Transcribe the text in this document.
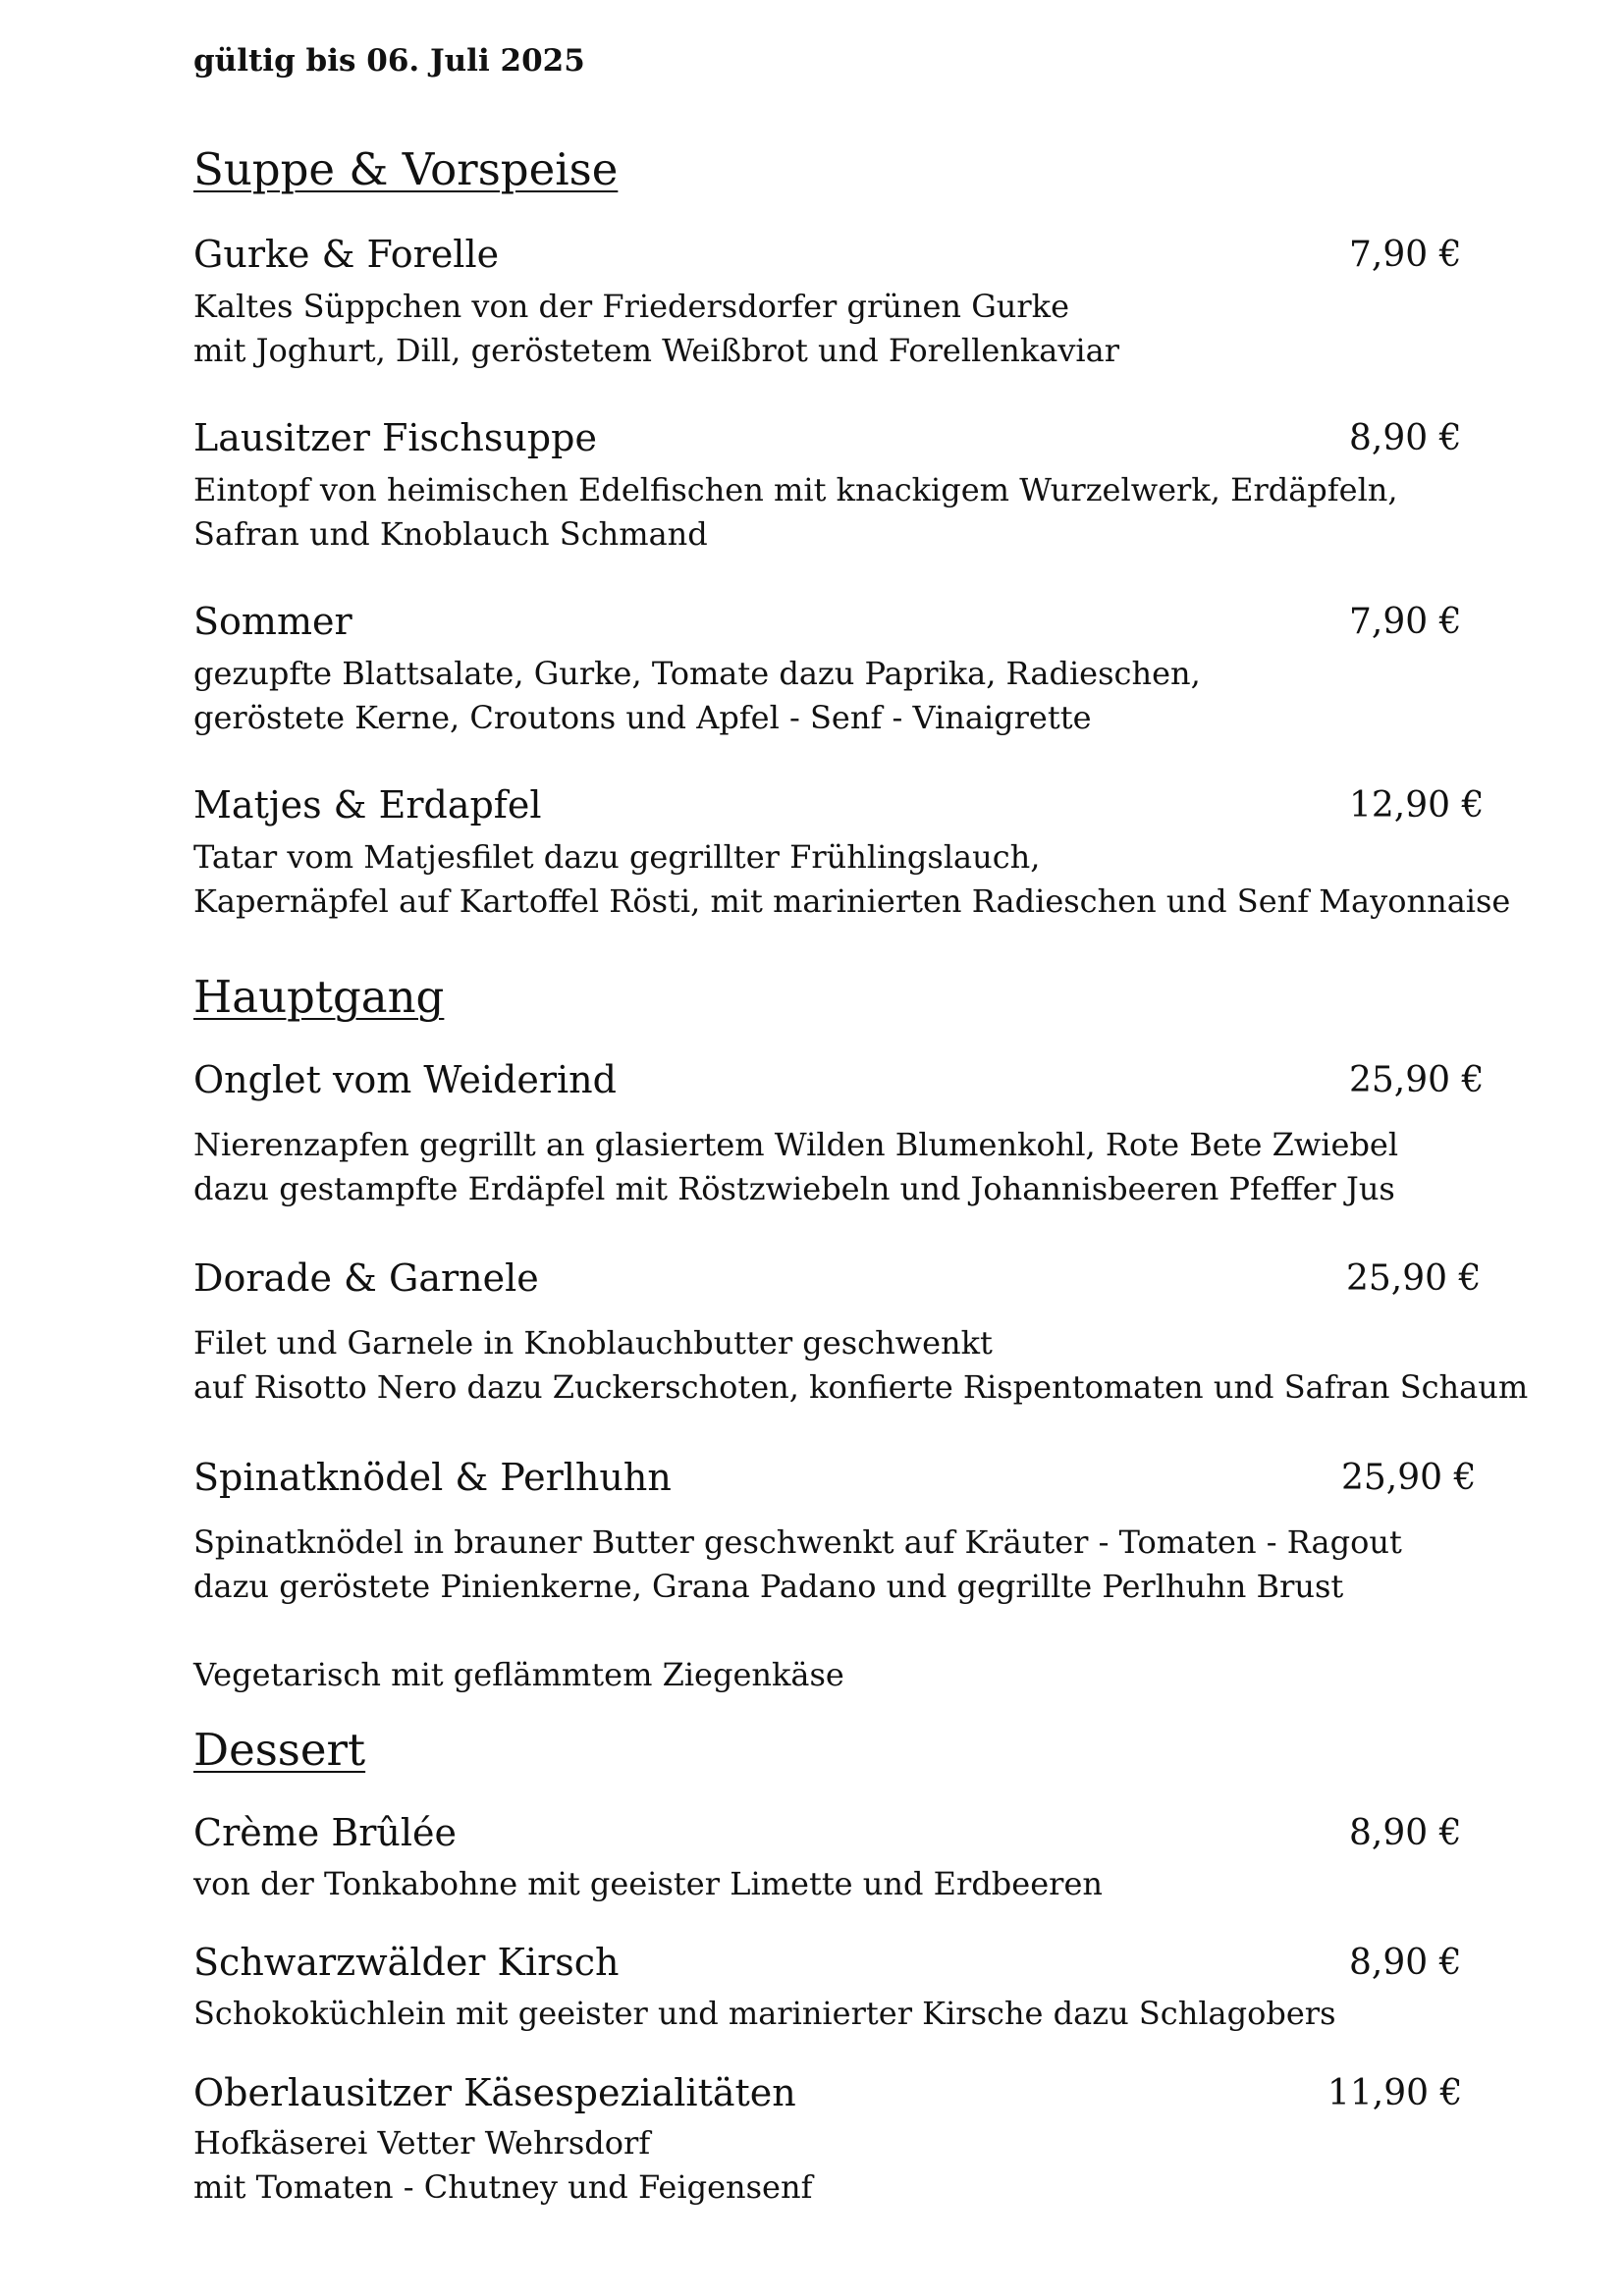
gültig bis 06. Juli 2025
Suppe & Vorspeise
Gurke & Forelle	7,90 €
Kaltes Süppchen von der Friedersdorfer grünen Gurke
mit Joghurt, Dill, geröstetem Weißbrot und Forellenkaviar
Lausitzer Fischsuppe	8,90 €
Eintopf von heimischen Edelfischen mit knackigem Wurzelwerk, Erdäpfeln,
Safran und Knoblauch Schmand
Sommer	7,90 €
gezupfte Blattsalate, Gurke, Tomate dazu Paprika, Radieschen,
geröstete Kerne, Croutons und Apfel - Senf - Vinaigrette
Matjes & Erdapfel	12,90 €
Tatar vom Matjesfilet dazu gegrillter Frühlingslauch,
Kapernäpfel auf Kartoffel Rösti, mit marinierten Radieschen und Senf Mayonnaise
Hauptgang
Onglet vom Weiderind	25,90 €
Nierenzapfen gegrillt an glasiertem Wilden Blumenkohl, Rote Bete Zwiebel
dazu gestampfte Erdäpfel mit Röstzwiebeln und Johannisbeeren Pfeffer Jus
Dorade & Garnele	25,90 €
Filet und Garnele in Knoblauchbutter geschwenkt
auf Risotto Nero dazu Zuckerschoten, konfierte Rispentomaten und Safran Schaum
Spinatknödel & Perlhuhn	25,90 €
Spinatknödel in brauner Butter geschwenkt auf Kräuter - Tomaten - Ragout
dazu geröstete Pinienkerne, Grana Padano und gegrillte Perlhuhn Brust
Vegetarisch mit geflämmtem Ziegenkäse
Dessert
Crème Brûlée	8,90 €
von der Tonkabohne mit geeister Limette und Erdbeeren
Schwarzwälder Kirsch	8,90 €
Schokoküchlein mit geeister und marinierter Kirsche dazu Schlagobers
Oberlausitzer Käsespezialitäten	11,90 €
Hofkäserei Vetter Wehrsdorf
mit Tomaten - Chutney und Feigensenf
